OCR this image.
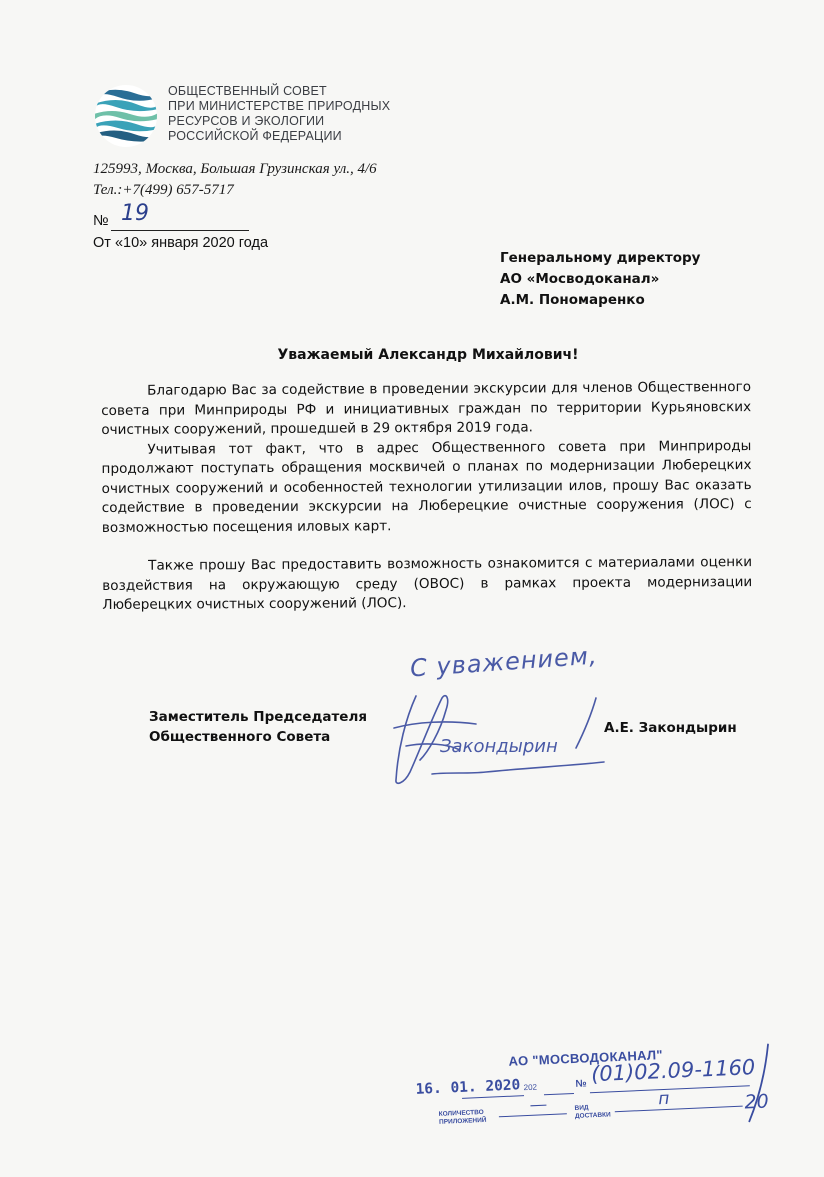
ОБЩЕСТВЕННЫЙ СОВЕТ
ПРИ МИНИСТЕРСТВЕ ПРИРОДНЫХ
РЕСУРСОВ И ЭКОЛОГИИ
РОССИЙСКОЙ ФЕДЕРАЦИИ
125993, Москва, Большая Грузинская ул., 4/6
Тел.:+7(499) 657-5717
№ 19
От «10» января 2020 года
Генеральному директору
АО «Мосводоканал»
А.М. Пономаренко
Уважаемый Александр Михайлович!

Благодарю Вас за содействие в проведении экскурсии для членов Общественного совета при Минприроды РФ и инициативных граждан по территории Курьяновских очистных сооружений, прошедшей в 29 октября 2019 года.

Учитывая тот факт, что в адрес Общественного совета при Минприроды продолжают поступать обращения москвичей о планах по модернизации Люберецких очистных сооружений и особенностей технологии утилизации илов, прошу Вас оказать содействие в проведении экскурсии на Люберецкие очистные сооружения (ЛОС) с возможностью посещения иловых карт.

Также прошу Вас предоставить возможность ознакомится с материалами оценки воздействия на окружающую среду (ОВОС) в рамках проекта модернизации Люберецких очистных сооружений (ЛОС).

С уважением,
Заместитель Председателя
Общественного Совета	Закондырин
А.Е. Закондырин
АО "МОСВОДОКАНАЛ"
16. 01. 2020 202	№ (01)02.09-1160
КОЛИЧЕСТВО
ПРИЛОЖЕНИЙ
—	ВИД
ДОСТАВКИ
п	20
